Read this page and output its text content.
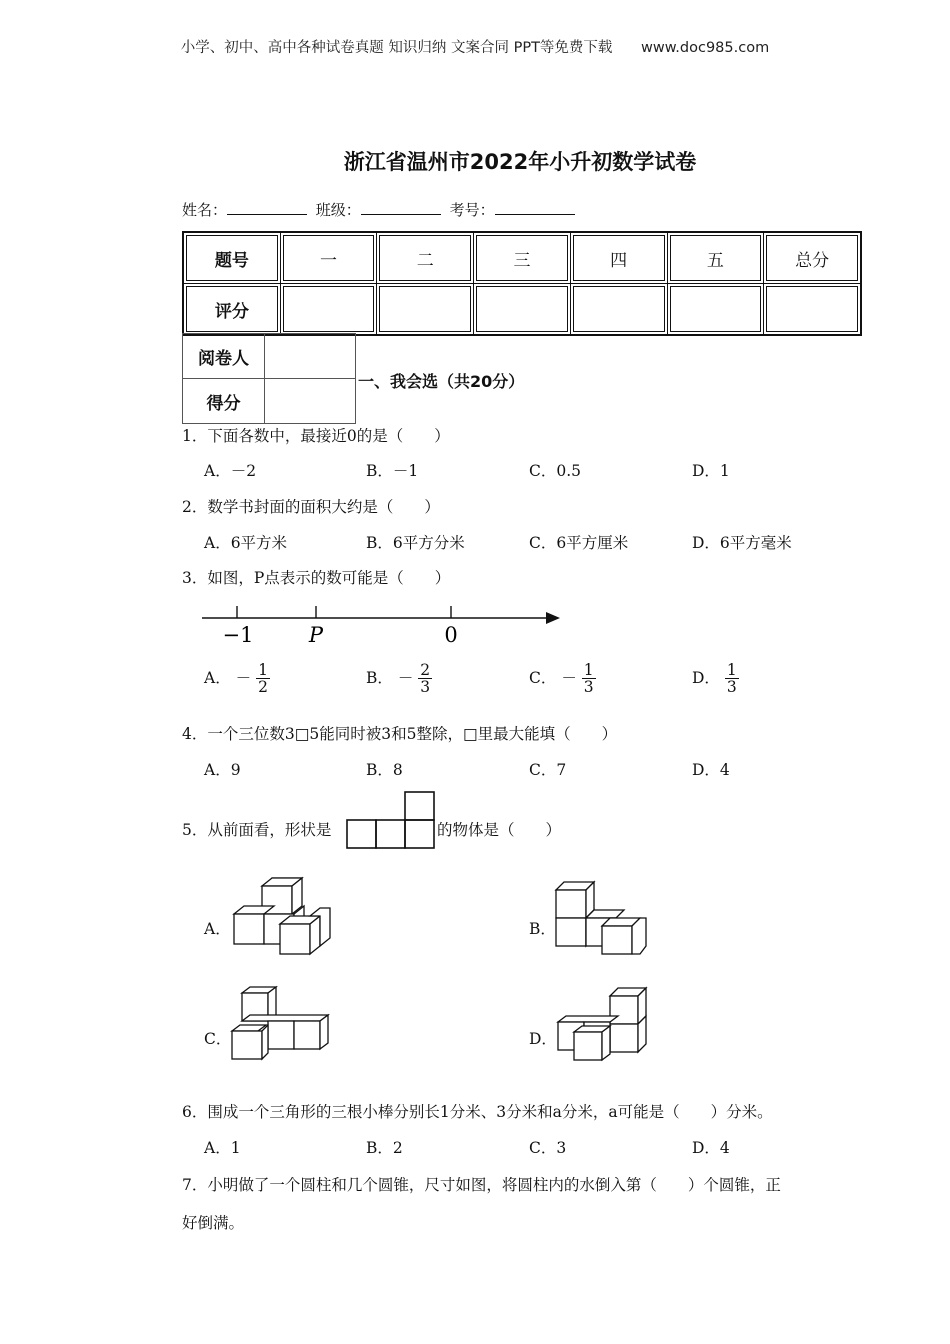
小学、初中、高中各种试卷真题 知识归纳 文案合同 PPT等免费下载 www.doc985.com
浙江省温州市2022年小升初数学试卷
姓名：	班级：	考号：
题号	一	二	三	四	五	总分
评分						
阅卷人	
得分	
一、我会选（共20分）
1．下面各数中，最接近0的是（　　）
A．－2	B．－1	C．0.5	D．1
2．数学书封面的面积大约是（　　）
A．6平方米	B．6平方分米	C．6平方厘米	D．6平方毫米
3．如图，P点表示的数可能是（　　）
−1	P	0
A． － $\frac{1}{2}$	B． － $\frac{2}{3}$	C． － $\frac{1}{3}$	D． $\frac{1}{3}$
4．一个三位数3□5能同时被3和5整除，□里最大能填（　　）
A．9	B．8	C．7	D．4
5．从前面看，形状是	的物体是（　　）
A．	B．
C．	D．
6．围成一个三角形的三根小棒分别长1分米、3分米和a分米，a可能是（　　）分米。
A．1	B．2	C．3	D．4
7．小明做了一个圆柱和几个圆锥，尺寸如图，将圆柱内的水倒入第（　　）个圆锥，正
好倒满。
